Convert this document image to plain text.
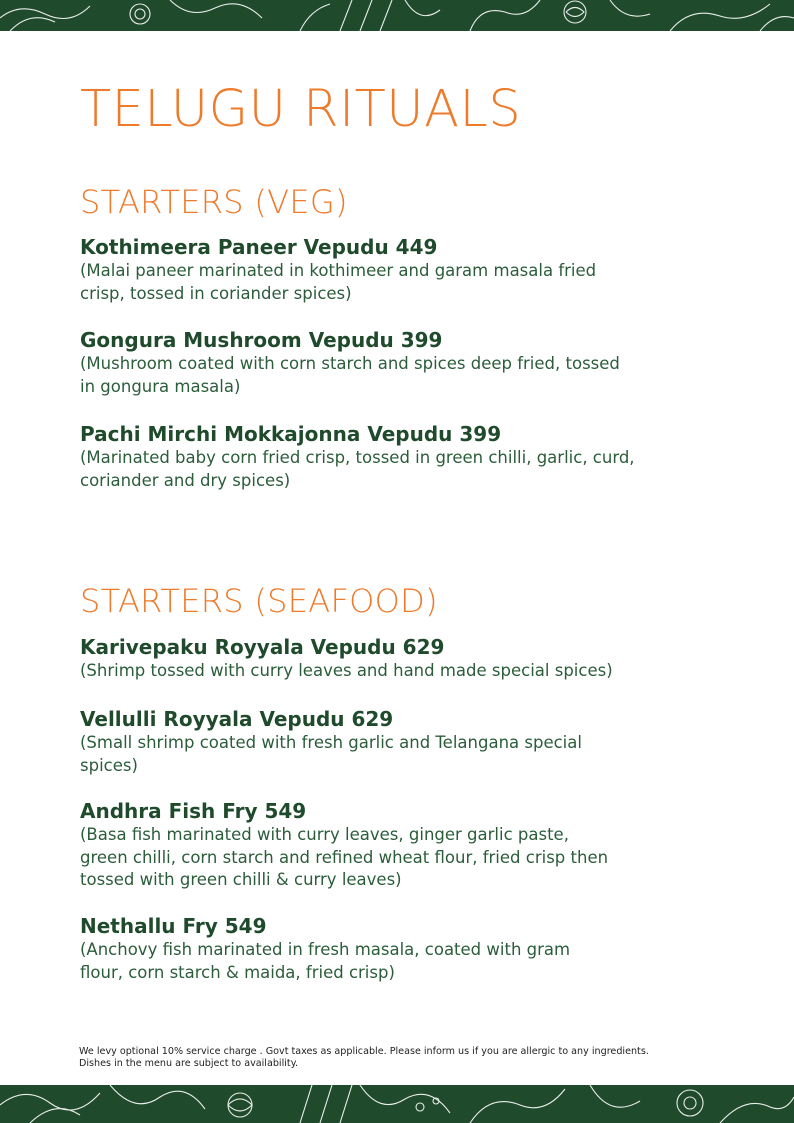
TELUGU RITUALS
STARTERS (VEG)

Kothimeera Paneer Vepudu 449

(Malai paneer marinated in kothimeer and garam masala fried
crisp, tossed in coriander spices)

Gongura Mushroom Vepudu 399

(Mushroom coated with corn starch and spices deep fried, tossed
in gongura masala)

Pachi Mirchi Mokkajonna Vepudu 399

(Marinated baby corn fried crisp, tossed in green chilli, garlic, curd,
coriander and dry spices)

STARTERS (SEAFOOD)

Karivepaku Royyala Vepudu 629

(Shrimp tossed with curry leaves and hand made special spices)

Vellulli Royyala Vepudu 629

(Small shrimp coated with fresh garlic and Telangana special
spices)

Andhra Fish Fry 549

(Basa fish marinated with curry leaves, ginger garlic paste,
green chilli, corn starch and refined wheat flour, fried crisp then
tossed with green chilli & curry leaves)

Nethallu Fry 549

(Anchovy fish marinated in fresh masala, coated with gram
flour, corn starch & maida, fried crisp)

We levy optional 10% service charge . Govt taxes as applicable. Please inform us if you are allergic to any ingredients.
Dishes in the menu are subject to availability.
